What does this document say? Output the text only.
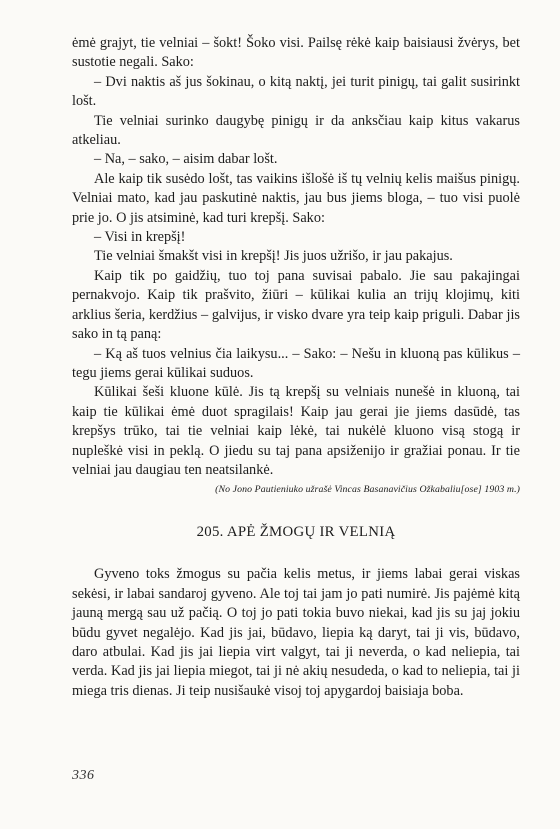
ėmė grajyt, tie velniai – šokt! Šoko visi. Pailsę rėkė kaip baisiausi žvėrys, bet sustotie negali. Sako:

– Dvi naktis aš jus šokinau, o kitą naktį, jei turit pinigų, tai galit susirinkt lošt.

Tie velniai surinko daugybę pinigų ir da anksčiau kaip kitus vakarus atkeliau.

– Na, – sako, – aisim dabar lošt.

Ale kaip tik susėdo lošt, tas vaikins išlošė iš tų velnių kelis maišus pinigų. Velniai mato, kad jau paskutinė naktis, jau bus jiems bloga, – tuo visi puolė prie jo. O jis atsiminė, kad turi krepšį. Sako:

– Visi in krepšį!

Tie velniai šmakšt visi in krepšį! Jis juos užrišo, ir jau pakajus.

Kaip tik po gaidžių, tuo toj pana suvisai pabalo. Jie sau pakajingai pernakvojo. Kaip tik prašvito, žiūri – kūlikai kulia an trijų klojimų, kiti arklius šeria, kerdžius – galvijus, ir visko dvare yra teip kaip priguli. Dabar jis sako in tą paną:

– Ką aš tuos velnius čia laikysu... – Sako: – Nešu in kluoną pas kūlikus – tegu jiems gerai kūlikai suduos.

Kūlikai šeši kluone kūlė. Jis tą krepšį su velniais nunešė in kluoną, tai kaip tie kūlikai ėmė duot spragilais! Kaip jau gerai jie jiems dasūdė, tas krepšys trūko, tai tie velniai kaip lėkė, tai nukėlė kluono visą stogą ir nupleškė visi in peklą. O jiedu su taj pana apsiženijo ir gražiai ponau. Ir tie velniai jau daugiau ten neatsilankė.

(No Jono Pautieniuko užrašė Vincas Basanavičius Ožkabaliu[ose] 1903 m.)

205. APĖ ŽMOGŲ IR VELNIĄ

Gyveno toks žmogus su pačia kelis metus, ir jiems labai gerai viskas sekėsi, ir labai sandaroj gyveno. Ale toj tai jam jo pati numirė. Jis pajėmė kitą jauną mergą sau už pačią. O toj jo pati tokia buvo niekai, kad jis su jaj jokiu būdu gyvet negalėjo. Kad jis jai, būdavo, liepia ką daryt, tai ji vis, būdavo, daro atbulai. Kad jis jai liepia virt valgyt, tai ji neverda, o kad neliepia, tai verda. Kad jis jai liepia miegot, tai ji nė akių nesudeda, o kad to neliepia, tai ji miega tris dienas. Ji teip nusišaukė visoj toj apygardoj baisiaja boba.

336
